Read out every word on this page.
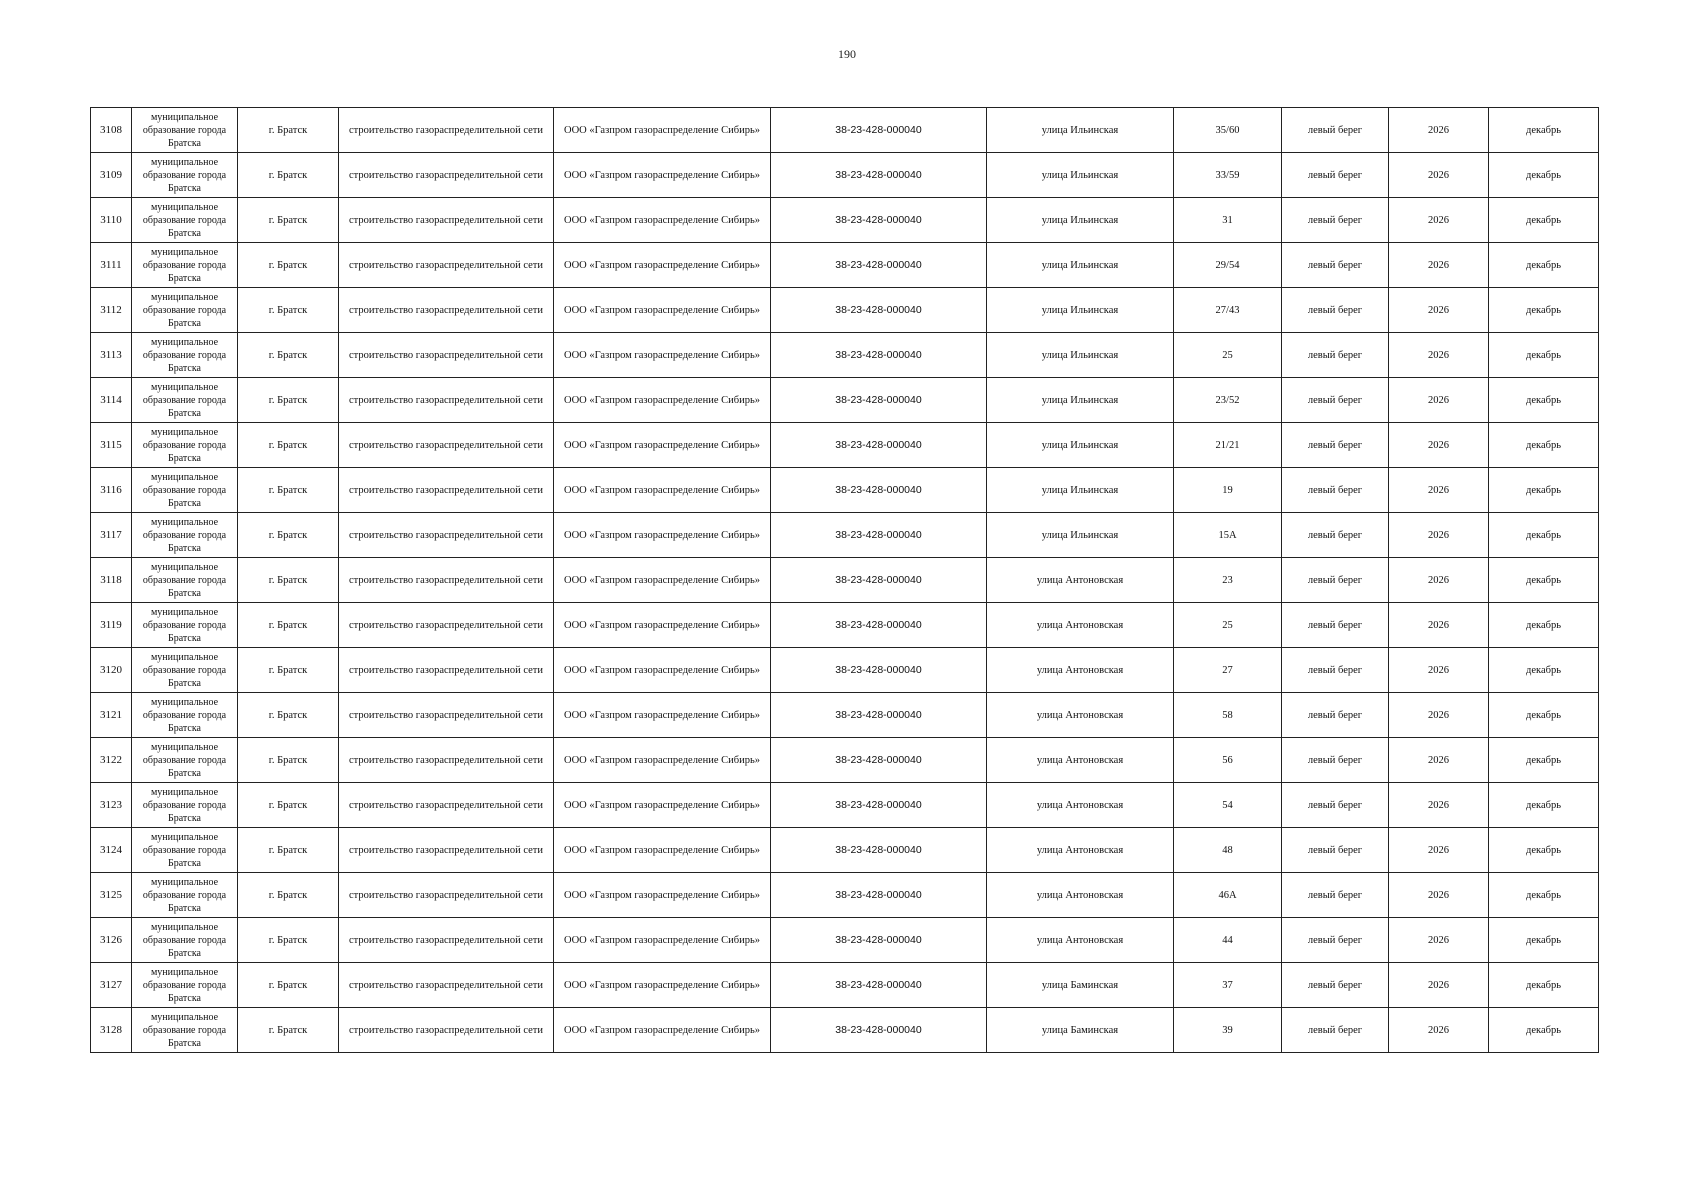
190
3108	муниципальное образование города Братска	г. Братск	строительство газораспределительной сети	ООО «Газпром газораспределение Сибирь»	38-23-428-000040	улица Ильинская	35/60	левый берег	2026	декабрь
3109	муниципальное образование города Братска	г. Братск	строительство газораспределительной сети	ООО «Газпром газораспределение Сибирь»	38-23-428-000040	улица Ильинская	33/59	левый берег	2026	декабрь
3110	муниципальное образование города Братска	г. Братск	строительство газораспределительной сети	ООО «Газпром газораспределение Сибирь»	38-23-428-000040	улица Ильинская	31	левый берег	2026	декабрь
3111	муниципальное образование города Братска	г. Братск	строительство газораспределительной сети	ООО «Газпром газораспределение Сибирь»	38-23-428-000040	улица Ильинская	29/54	левый берег	2026	декабрь
3112	муниципальное образование города Братска	г. Братск	строительство газораспределительной сети	ООО «Газпром газораспределение Сибирь»	38-23-428-000040	улица Ильинская	27/43	левый берег	2026	декабрь
3113	муниципальное образование города Братска	г. Братск	строительство газораспределительной сети	ООО «Газпром газораспределение Сибирь»	38-23-428-000040	улица Ильинская	25	левый берег	2026	декабрь
3114	муниципальное образование города Братска	г. Братск	строительство газораспределительной сети	ООО «Газпром газораспределение Сибирь»	38-23-428-000040	улица Ильинская	23/52	левый берег	2026	декабрь
3115	муниципальное образование города Братска	г. Братск	строительство газораспределительной сети	ООО «Газпром газораспределение Сибирь»	38-23-428-000040	улица Ильинская	21/21	левый берег	2026	декабрь
3116	муниципальное образование города Братска	г. Братск	строительство газораспределительной сети	ООО «Газпром газораспределение Сибирь»	38-23-428-000040	улица Ильинская	19	левый берег	2026	декабрь
3117	муниципальное образование города Братска	г. Братск	строительство газораспределительной сети	ООО «Газпром газораспределение Сибирь»	38-23-428-000040	улица Ильинская	15А	левый берег	2026	декабрь
3118	муниципальное образование города Братска	г. Братск	строительство газораспределительной сети	ООО «Газпром газораспределение Сибирь»	38-23-428-000040	улица Антоновская	23	левый берег	2026	декабрь
3119	муниципальное образование города Братска	г. Братск	строительство газораспределительной сети	ООО «Газпром газораспределение Сибирь»	38-23-428-000040	улица Антоновская	25	левый берег	2026	декабрь
3120	муниципальное образование города Братска	г. Братск	строительство газораспределительной сети	ООО «Газпром газораспределение Сибирь»	38-23-428-000040	улица Антоновская	27	левый берег	2026	декабрь
3121	муниципальное образование города Братска	г. Братск	строительство газораспределительной сети	ООО «Газпром газораспределение Сибирь»	38-23-428-000040	улица Антоновская	58	левый берег	2026	декабрь
3122	муниципальное образование города Братска	г. Братск	строительство газораспределительной сети	ООО «Газпром газораспределение Сибирь»	38-23-428-000040	улица Антоновская	56	левый берег	2026	декабрь
3123	муниципальное образование города Братска	г. Братск	строительство газораспределительной сети	ООО «Газпром газораспределение Сибирь»	38-23-428-000040	улица Антоновская	54	левый берег	2026	декабрь
3124	муниципальное образование города Братска	г. Братск	строительство газораспределительной сети	ООО «Газпром газораспределение Сибирь»	38-23-428-000040	улица Антоновская	48	левый берег	2026	декабрь
3125	муниципальное образование города Братска	г. Братск	строительство газораспределительной сети	ООО «Газпром газораспределение Сибирь»	38-23-428-000040	улица Антоновская	46А	левый берег	2026	декабрь
3126	муниципальное образование города Братска	г. Братск	строительство газораспределительной сети	ООО «Газпром газораспределение Сибирь»	38-23-428-000040	улица Антоновская	44	левый берег	2026	декабрь
3127	муниципальное образование города Братска	г. Братск	строительство газораспределительной сети	ООО «Газпром газораспределение Сибирь»	38-23-428-000040	улица Баминская	37	левый берег	2026	декабрь
3128	муниципальное образование города Братска	г. Братск	строительство газораспределительной сети	ООО «Газпром газораспределение Сибирь»	38-23-428-000040	улица Баминская	39	левый берег	2026	декабрь
